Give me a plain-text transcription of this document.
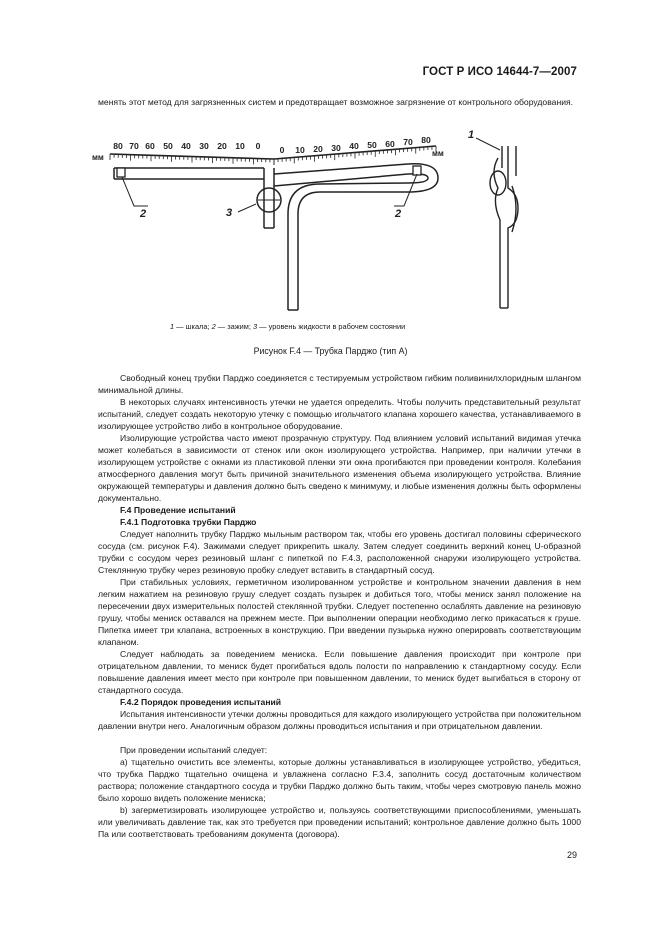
ГОСТ Р ИСО 14644-7—2007

менять этот метод для загрязненных систем и предотвращает возможное загрязнение от контрольного оборудования.

80 70 60 50 40 30 20 10 0 0 10 20 30 40 50 60 70 80
мм	мм
2	2
3
1
1 — шкала; 2 — зажим; 3 — уровень жидкости в рабочем состоянии
Рисунок F.4 — Трубка Парджо (тип А)

Свободный конец трубки Парджо соединяется с тестируемым устройством гибким поливинилхлоридным шлангом минимальной длины.

В некоторых случаях интенсивность утечки не удается определить. Чтобы получить представительный результат испытаний, следует создать некоторую утечку с помощью игольчатого клапана хорошего качества, устанавливаемого в изолирующее устройство либо в контрольное оборудование.

Изолирующие устройства часто имеют прозрачную структуру. Под влиянием условий испытаний видимая утечка может колебаться в зависимости от стенок или окон изолирующего устройства. Например, при наличии утечки в изолирующем устройстве с окнами из пластиковой пленки эти окна прогибаются при проведении контроля. Колебания атмосферного давления могут быть причиной значительного изменения объема изолирующего устройства. Влияние окружающей температуры и давления должно быть сведено к минимуму, и любые изменения должны быть оформлены документально.

F.4 Проведение испытаний

F.4.1 Подготовка трубки Парджо

Следует наполнить трубку Парджо мыльным раствором так, чтобы его уровень достигал половины сферического сосуда (см. рисунок F.4). Зажимами следует прикрепить шкалу. Затем следует соединить верхний конец U-образной трубки с сосудом через резиновый шланг с пипеткой по F.4.3, расположенной снаружи изолирующего устройства. Стеклянную трубку через резиновую пробку следует вставить в стандартный сосуд.

При стабильных условиях, герметичном изолированном устройстве и контрольном значении давления в нем легким нажатием на резиновую грушу следует создать пузырек и добиться того, чтобы мениск занял положение на пересечении двух измерительных полостей стеклянной трубки. Следует постепенно ослаблять давление на резиновую грушу, чтобы мениск оставался на прежнем месте. При выполнении операции необходимо легко прикасаться к груше. Пипетка имеет три клапана, встроенных в конструкцию. При введении пузырька нужно оперировать соответствующим клапаном.

Следует наблюдать за поведением мениска. Если повышение давления происходит при контроле при отрицательном давлении, то мениск будет прогибаться вдоль полости по направлению к стандартному сосуду. Если повышение давления имеет место при контроле при повышенном давлении, то мениск будет выгибаться в сторону от стандартного сосуда.

F.4.2 Порядок проведения испытаний

Испытания интенсивности утечки должны проводиться для каждого изолирующего устройства при положительном давлении внутри него. Аналогичным образом должны проводиться испытания и при отрицательном давлении.

При проведении испытаний следует:

а) тщательно очистить все элементы, которые должны устанавливаться в изолирующее устройство, убедиться, что трубка Парджо тщательно очищена и увлажнена согласно F.3.4, заполнить сосуд достаточным количеством раствора; положение стандартного сосуда и трубки Парджо должно быть таким, чтобы через смотровую панель можно было хорошо видеть положение мениска;

b) загерметизировать изолирующее устройство и, пользуясь соответствующими приспособлениями, уменьшать или увеличивать давление так, как это требуется при проведении испытаний; контрольное давление должно быть 1000 Па или соответствовать требованиям документа (договора).

29
